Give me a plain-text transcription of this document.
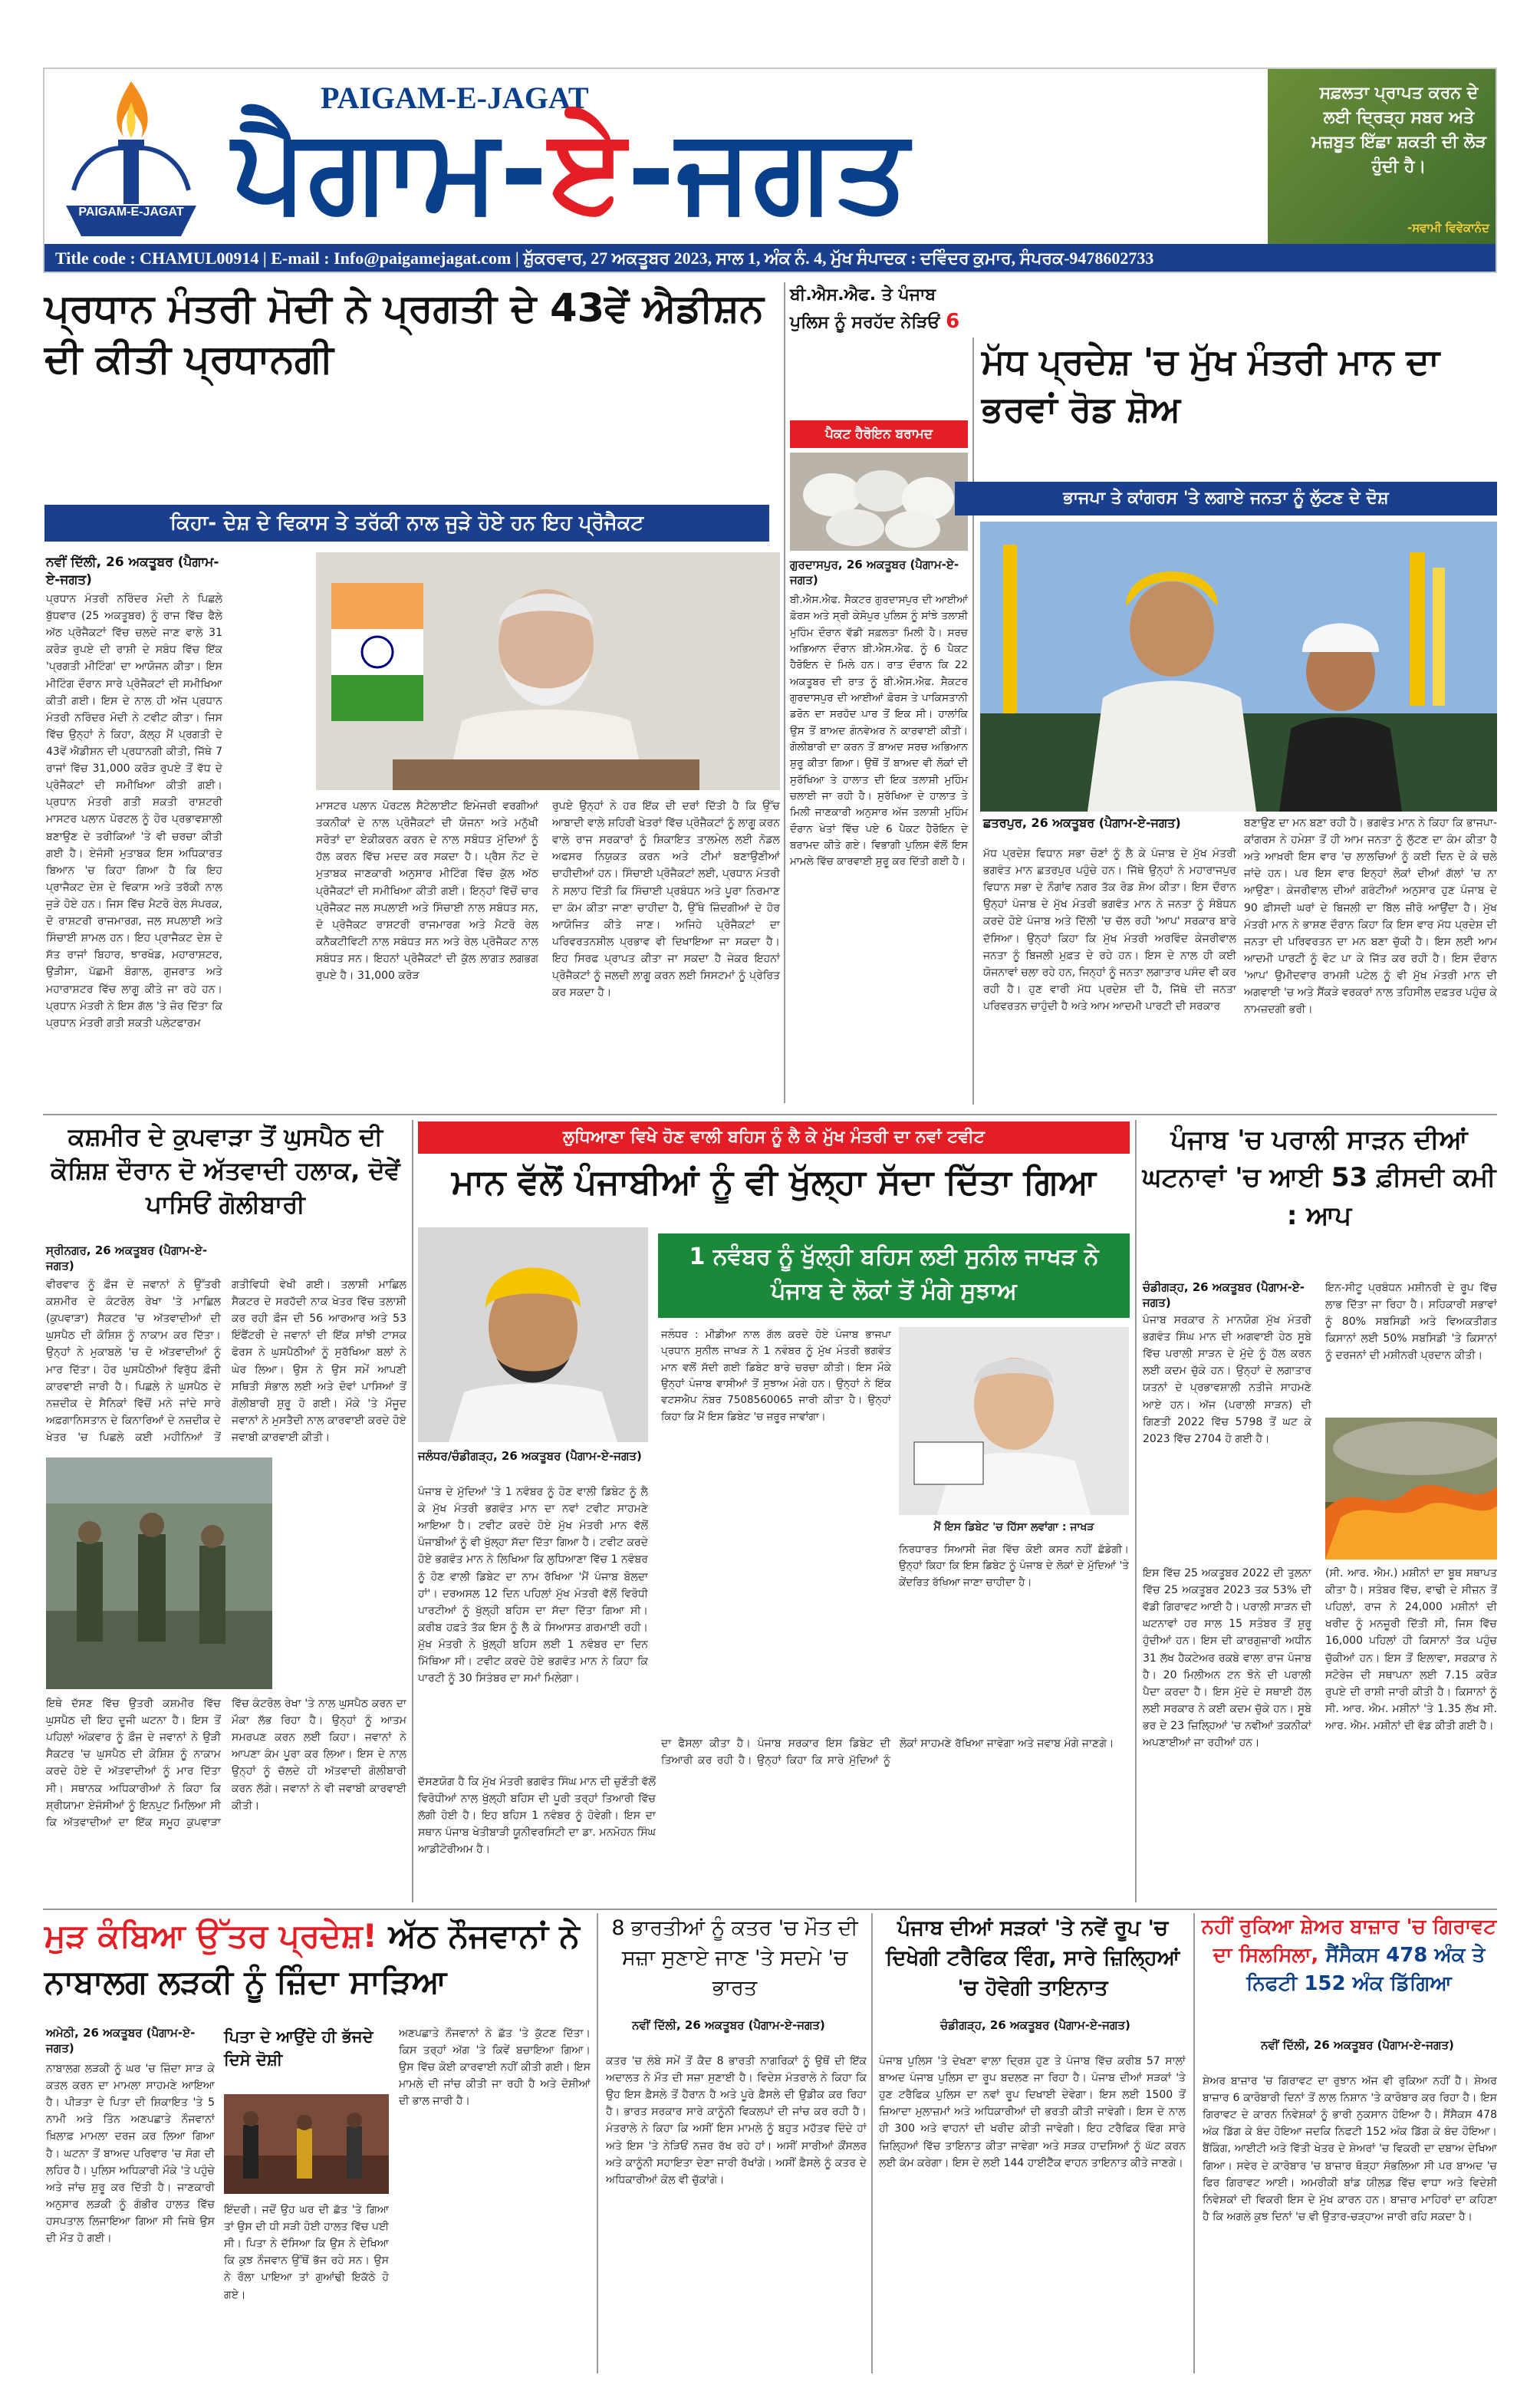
PAIGAM-E-JAGAT
PAIGAM-E-JAGAT
ਪੈਗਾਮ-ਏ-ਜਗਤ
ਸਫ਼ਲਤਾ ਪ੍ਰਾਪਤ ਕਰਨ ਦੇ ਲਈ ਦ੍ਰਿੜ੍ਹ ਸਬਰ ਅਤੇ ਮਜ਼ਬੂਤ ਇੱਛਾ ਸ਼ਕਤੀ ਦੀ ਲੋੜ ਹੁੰਦੀ ਹੈ।
-ਸਵਾਮੀ ਵਿਵੇਕਾਨੰਦ
Title code : CHAMUL00914 | E-mail : Info@paigamejagat.com | ਸ਼ੁੱਕਰਵਾਰ, 27 ਅਕਤੂਬਰ 2023, ਸਾਲ 1, ਅੰਕ ਨੰ. 4, ਮੁੱਖ ਸੰਪਾਦਕ : ਦਵਿੰਦਰ ਕੁਮਾਰ, ਸੰਪਰਕ-9478602733
ਪ੍ਰਧਾਨ ਮੰਤਰੀ ਮੋਦੀ ਨੇ ਪ੍ਰਗਤੀ ਦੇ 43ਵੇਂ ਐਡੀਸ਼ਨ ਦੀ ਕੀਤੀ ਪ੍ਰਧਾਨਗੀ
ਕਿਹਾ- ਦੇਸ਼ ਦੇ ਵਿਕਾਸ ਤੇ ਤਰੱਕੀ ਨਾਲ ਜੁੜੇ ਹੋਏ ਹਨ ਇਹ ਪ੍ਰੋਜੈਕਟ
ਨਵੀਂ ਦਿੱਲੀ, 26 ਅਕਤੂਬਰ (ਪੈਗਾਮ-ਏ-ਜਗਤ)
ਪ੍ਰਧਾਨ ਮੰਤਰੀ ਨਰਿੰਦਰ ਮੋਦੀ ਨੇ ਪਿਛਲੇ ਬੁੱਧਵਾਰ (25 ਅਕਤੂਬਰ) ਨੂੰ ਰਾਜ ਵਿੱਚ ਫੈਲੇ ਅੱਠ ਪ੍ਰੋਜੈਕਟਾਂ ਵਿੱਚ ਚਲਦੇ ਜਾਣ ਵਾਲੇ 31 ਕਰੋੜ ਰੁਪਏ ਦੀ ਰਾਸ਼ੀ ਦੇ ਸਬੰਧ ਵਿੱਚ ਇੱਕ 'ਪ੍ਰਗਤੀ ਮੀਟਿੰਗ' ਦਾ ਆਯੋਜਨ ਕੀਤਾ। ਇਸ ਮੀਟਿੰਗ ਦੌਰਾਨ ਸਾਰੇ ਪ੍ਰੋਜੈਕਟਾਂ ਦੀ ਸਮੀਖਿਆ ਕੀਤੀ ਗਈ। ਇਸ ਦੇ ਨਾਲ ਹੀ ਅੱਜ ਪ੍ਰਧਾਨ ਮੰਤਰੀ ਨਰਿੰਦਰ ਮੋਦੀ ਨੇ ਟਵੀਟ ਕੀਤਾ। ਜਿਸ ਵਿੱਚ ਉਨ੍ਹਾਂ ਨੇ ਕਿਹਾ, ਕੱਲ੍ਹ ਮੈਂ ਪ੍ਰਗਤੀ ਦੇ 43ਵੇਂ ਐਡੀਸ਼ਨ ਦੀ ਪ੍ਰਧਾਨਗੀ ਕੀਤੀ, ਜਿੱਥੇ 7 ਰਾਜਾਂ ਵਿੱਚ 31,000 ਕਰੋੜ ਰੁਪਏ ਤੋਂ ਵੱਧ ਦੇ ਪ੍ਰੋਜੈਕਟਾਂ ਦੀ ਸਮੀਖਿਆ ਕੀਤੀ ਗਈ। ਪ੍ਰਧਾਨ ਮੰਤਰੀ ਗਤੀ ਸ਼ਕਤੀ ਰਾਸ਼ਟਰੀ ਮਾਸਟਰ ਪਲਾਨ ਪੋਰਟਲ ਨੂੰ ਹੋਰ ਪ੍ਰਭਾਵਸ਼ਾਲੀ ਬਣਾਉਣ ਦੇ ਤਰੀਕਿਆਂ 'ਤੇ ਵੀ ਚਰਚਾ ਕੀਤੀ ਗਈ ਹੈ। ਏਜੰਸੀ ਮੁਤਾਬਕ ਇਸ ਅਧਿਕਾਰਤ ਬਿਆਨ 'ਚ ਕਿਹਾ ਗਿਆ ਹੈ ਕਿ ਇਹ ਪ੍ਰਾਜੈਕਟ ਦੇਸ਼ ਦੇ ਵਿਕਾਸ ਅਤੇ ਤਰੱਕੀ ਨਾਲ ਜੁੜੇ ਹੋਏ ਹਨ। ਜਿਸ ਵਿੱਚ ਮੈਟਰੋ ਰੇਲ ਸੰਪਰਕ, ਦੋ ਰਾਸ਼ਟਰੀ ਰਾਜਮਾਰਗ, ਜਲ ਸਪਲਾਈ ਅਤੇ ਸਿੰਚਾਈ ਸ਼ਾਮਲ ਹਨ। ਇਹ ਪ੍ਰਾਜੈਕਟ ਦੇਸ਼ ਦੇ ਸੱਤ ਰਾਜਾਂ ਬਿਹਾਰ, ਝਾਰਖੰਡ, ਮਹਾਰਾਸ਼ਟਰ, ਉੜੀਸਾ, ਪੱਛਮੀ ਬੰਗਾਲ, ਗੁਜਰਾਤ ਅਤੇ ਮਹਾਰਾਸ਼ਟਰ ਵਿੱਚ ਲਾਗੂ ਕੀਤੇ ਜਾ ਰਹੇ ਹਨ। ਪ੍ਰਧਾਨ ਮੰਤਰੀ ਨੇ ਇਸ ਗੱਲ 'ਤੇ ਜ਼ੋਰ ਦਿੱਤਾ ਕਿ ਪ੍ਰਧਾਨ ਮੰਤਰੀ ਗਤੀ ਸ਼ਕਤੀ ਪਲੇਟਫਾਰਮ
ਮਾਸਟਰ ਪਲਾਨ ਪੋਰਟਲ ਸੈਟੇਲਾਈਟ ਇਮੇਜਰੀ ਵਰਗੀਆਂ ਤਕਨੀਕਾਂ ਦੇ ਨਾਲ ਪ੍ਰੋਜੈਕਟਾਂ ਦੀ ਯੋਜਨਾ ਅਤੇ ਮਨੁੱਖੀ ਸਰੋਤਾਂ ਦਾ ਏਕੀਕਰਨ ਕਰਨ ਦੇ ਨਾਲ ਸਬੰਧਤ ਮੁੱਦਿਆਂ ਨੂੰ ਹੱਲ ਕਰਨ ਵਿੱਚ ਮਦਦ ਕਰ ਸਕਦਾ ਹੈ। ਪ੍ਰੈਸ ਨੋਟ ਦੇ ਮੁਤਾਬਕ ਜਾਣਕਾਰੀ ਅਨੁਸਾਰ ਮੀਟਿੰਗ ਵਿੱਚ ਕੁੱਲ ਅੱਠ ਪ੍ਰੋਜੈਕਟਾਂ ਦੀ ਸਮੀਖਿਆ ਕੀਤੀ ਗਈ। ਇਨ੍ਹਾਂ ਵਿੱਚੋਂ ਚਾਰ ਪ੍ਰੋਜੈਕਟ ਜਲ ਸਪਲਾਈ ਅਤੇ ਸਿੰਚਾਈ ਨਾਲ ਸਬੰਧਤ ਸਨ, ਦੋ ਪ੍ਰੋਜੈਕਟ ਰਾਸ਼ਟਰੀ ਰਾਜਮਾਰਗ ਅਤੇ ਮੈਟਰੋ ਰੇਲ ਕਨੈਕਟੀਵਿਟੀ ਨਾਲ ਸਬੰਧਤ ਸਨ ਅਤੇ ਰੇਲ ਪ੍ਰੋਜੈਕਟ ਨਾਲ ਸਬੰਧਤ ਸਨ। ਇਹਨਾਂ ਪ੍ਰੋਜੈਕਟਾਂ ਦੀ ਕੁੱਲ ਲਾਗਤ ਲਗਭਗ ਰੁਪਏ ਹੈ। 31,000 ਕਰੋੜ
ਰੁਪਏ ਉਨ੍ਹਾਂ ਨੇ ਹਰ ਇੱਕ ਦੀ ਦਰਾਂ ਦਿੱਤੀ ਹੈ ਕਿ ਉੱਚ ਆਬਾਦੀ ਵਾਲੇ ਸ਼ਹਿਰੀ ਖੇਤਰਾਂ ਵਿੱਚ ਪ੍ਰੋਜੈਕਟਾਂ ਨੂੰ ਲਾਗੂ ਕਰਨ ਵਾਲੇ ਰਾਜ ਸਰਕਾਰਾਂ ਨੂੰ ਸ਼ਿਕਾਇਤ ਤਾਲਮੇਲ ਲਈ ਨੋਡਲ ਅਫਸਰ ਨਿਯੁਕਤ ਕਰਨ ਅਤੇ ਟੀਮਾਂ ਬਣਾਉਣੀਆਂ ਚਾਹੀਦੀਆਂ ਹਨ। ਸਿੰਚਾਈ ਪ੍ਰੋਜੈਕਟਾਂ ਲਈ, ਪ੍ਰਧਾਨ ਮੰਤਰੀ ਨੇ ਸਲਾਹ ਦਿੱਤੀ ਕਿ ਸਿੰਚਾਈ ਪ੍ਰਬੰਧਨ ਅਤੇ ਪੂਰਾ ਨਿਰਮਾਣ ਦਾ ਕੰਮ ਕੀਤਾ ਜਾਣਾ ਚਾਹੀਦਾ ਹੈ, ਉੱਥੇ ਜ਼ਿੰਦਗੀਆਂ ਦੇ ਹੋਰ ਆਯੋਜਿਤ ਕੀਤੇ ਜਾਣ। ਅਜਿਹੇ ਪ੍ਰੋਜੈਕਟਾਂ ਦਾ ਪਰਿਵਰਤਨਸ਼ੀਲ ਪ੍ਰਭਾਵ ਵੀ ਦਿਖਾਇਆ ਜਾ ਸਕਦਾ ਹੈ। ਇਹ ਸਿਰਫ ਪ੍ਰਾਪਤ ਕੀਤਾ ਜਾ ਸਕਦਾ ਹੈ ਜੇਕਰ ਇਹਨਾਂ ਪ੍ਰੋਜੈਕਟਾਂ ਨੂੰ ਜਲਦੀ ਲਾਗੂ ਕਰਨ ਲਈ ਸਿਸਟਮਾਂ ਨੂੰ ਪ੍ਰੇਰਿਤ ਕਰ ਸਕਦਾ ਹੈ।
ਬੀ.ਐਸ.ਐਫ. ਤੇ ਪੰਜਾਬ ਪੁਲਿਸ ਨੂੰ ਸਰਹੱਦ ਨੇੜਿਓਂ 6
ਪੈਕਟ ਹੈਰੋਇਨ ਬਰਾਮਦ
ਗੁਰਦਾਸਪੁਰ, 26 ਅਕਤੂਬਰ (ਪੈਗਾਮ-ਏ-ਜਗਤ)
ਬੀ.ਐਸ.ਐਫ. ਸੈਕਟਰ ਗੁਰਦਾਸਪੁਰ ਦੀ ਆਈਆਂ ਫ਼ੋਰਸ ਅਤੇ ਸ੍ਰੀ ਕੇਸੋਪੁਰ ਪੁਲਿਸ ਨੂੰ ਸਾਂਝੇ ਤਲਾਸ਼ੀ ਮੁਹਿੰਮ ਦੌਰਾਨ ਵੱਡੀ ਸਫ਼ਲਤਾ ਮਿਲੀ ਹੈ। ਸਰਚ ਅਭਿਆਨ ਦੌਰਾਨ ਬੀ.ਐਸ.ਐਫ. ਨੂੰ 6 ਪੈਕਟ ਹੈਰੋਇਨ ਦੇ ਮਿਲੇ ਹਨ। ਰਾਤ ਦੌਰਾਨ ਕਿ 22 ਅਕਤੂਬਰ ਦੀ ਰਾਤ ਨੂੰ ਬੀ.ਐਸ.ਐਫ. ਸੈਕਟਰ ਗੁਰਦਾਸਪੁਰ ਦੀ ਆਈਆਂ ਫ਼ੋਰਸ ਤੇ ਪਾਕਿਸਤਾਨੀ ਡਰੋਨ ਦਾ ਸਰਹੱਦ ਪਾਰ ਤੋਂ ਇਕ ਸੀ। ਹਾਲਾਂਕਿ ਉਸ ਤੋਂ ਬਾਅਦ ਗੰਨਵੇਅਰ ਨੇ ਕਾਰਵਾਈ ਕੀਤੀ। ਗੋਲੀਬਾਰੀ ਦਾ ਕਰਨ ਤੋਂ ਬਾਅਦ ਸਰਚ ਅਭਿਆਨ ਸ਼ੁਰੂ ਕੀਤਾ ਗਿਆ। ਉਥੋਂ ਤੋਂ ਬਾਅਦ ਵੀ ਲੋਕਾਂ ਦੀ ਸੁਰੱਖਿਆ ਤੇ ਹਾਲਾਤ ਦੀ ਇਕ ਤਲਾਸ਼ੀ ਮੁਹਿੰਮ ਚਲਾਈ ਜਾ ਰਹੀ ਹੈ। ਸੁਰੱਖਿਆ ਦੇ ਹਾਲਾਤ ਤੇ ਮਿਲੀ ਜਾਣਕਾਰੀ ਅਨੁਸਾਰ ਅੱਜ ਤਲਾਸ਼ੀ ਮੁਹਿੰਮ ਦੌਰਾਨ ਖੇਤਾਂ ਵਿੱਚ ਪਏ 6 ਪੈਕਟ ਹੈਰੋਇਨ ਦੇ ਬਰਾਮਦ ਕੀਤੇ ਗਏ। ਵਿਭਾਗੀ ਪੁਲਿਸ ਵੱਲੋਂ ਇਸ ਮਾਮਲੇ ਵਿੱਚ ਕਾਰਵਾਈ ਸ਼ੁਰੂ ਕਰ ਦਿੱਤੀ ਗਈ ਹੈ।
ਮੱਧ ਪ੍ਰਦੇਸ਼ 'ਚ ਮੁੱਖ ਮੰਤਰੀ ਮਾਨ ਦਾ ਭਰਵਾਂ ਰੋਡ ਸ਼ੋਅ
ਭਾਜਪਾ ਤੇ ਕਾਂਗਰਸ 'ਤੇ ਲਗਾਏ ਜਨਤਾ ਨੂੰ ਲੁੱਟਣ ਦੇ ਦੋਸ਼
ਛਤਰਪੁਰ, 26 ਅਕਤੂਬਰ (ਪੈਗਾਮ-ਏ-ਜਗਤ)
ਮੱਧ ਪ੍ਰਦੇਸ਼ ਵਿਧਾਨ ਸਭਾ ਚੋਣਾਂ ਨੂੰ ਲੈ ਕੇ ਪੰਜਾਬ ਦੇ ਮੁੱਖ ਮੰਤਰੀ ਭਗਵੰਤ ਮਾਨ ਛਤਰਪੁਰ ਪਹੁੰਚੇ ਹਨ। ਜਿੱਥੇ ਉਨ੍ਹਾਂ ਨੇ ਮਹਾਰਾਜਪੁਰ ਵਿਧਾਨ ਸਭਾ ਦੇ ਨੌਗਾਂਵ ਨਗਰ ਤੱਕ ਰੋਡ ਸ਼ੋਅ ਕੀਤਾ। ਇਸ ਦੌਰਾਨ ਉਨ੍ਹਾਂ ਪੰਜਾਬ ਦੇ ਮੁੱਖ ਮੰਤਰੀ ਭਗਵੰਤ ਮਾਨ ਨੇ ਜਨਤਾ ਨੂੰ ਸੰਬੋਧਨ ਕਰਦੇ ਹੋਏ ਪੰਜਾਬ ਅਤੇ ਦਿੱਲੀ 'ਚ ਚੱਲ ਰਹੀ 'ਆਪ' ਸਰਕਾਰ ਬਾਰੇ ਦੱਸਿਆ। ਉਨ੍ਹਾਂ ਕਿਹਾ ਕਿ ਮੁੱਖ ਮੰਤਰੀ ਅਰਵਿੰਦ ਕੇਜਰੀਵਾਲ ਜਨਤਾ ਨੂੰ ਬਿਜਲੀ ਮੁਫ਼ਤ ਦੇ ਰਹੇ ਹਨ। ਇਸ ਦੇ ਨਾਲ ਹੀ ਕਈ ਯੋਜਨਾਵਾਂ ਚਲਾ ਰਹੇ ਹਨ, ਜਿਨ੍ਹਾਂ ਨੂੰ ਜਨਤਾ ਲਗਾਤਾਰ ਪਸੰਦ ਵੀ ਕਰ ਰਹੀ ਹੈ। ਹੁਣ ਵਾਰੀ ਮੱਧ ਪ੍ਰਦੇਸ਼ ਦੀ ਹੈ, ਜਿੱਥੇ ਦੀ ਜਨਤਾ ਪਰਿਵਰਤਨ ਚਾਹੁੰਦੀ ਹੈ ਅਤੇ ਆਮ ਆਦਮੀ ਪਾਰਟੀ ਦੀ ਸਰਕਾਰ
ਬਣਾਉਣ ਦਾ ਮਨ ਬਣਾ ਰਹੀ ਹੈ। ਭਗਵੰਤ ਮਾਨ ਨੇ ਕਿਹਾ ਕਿ ਭਾਜਪਾ-ਕਾਂਗਰਸ ਨੇ ਹਮੇਸ਼ਾ ਤੋਂ ਹੀ ਆਮ ਜਨਤਾ ਨੂੰ ਲੁੱਟਣ ਦਾ ਕੰਮ ਕੀਤਾ ਹੈ ਅਤੇ ਆਖ਼ਰੀ ਇਸ ਵਾਰ 'ਚ ਲਾਲਚਿਆਂ ਨੂੰ ਕਈ ਦਿਨ ਦੇ ਕੇ ਚਲੇ ਜਾਂਦੇ ਹਨ। ਪਰ ਇਸ ਵਾਰ ਇਨ੍ਹਾਂ ਲੋਕਾਂ ਦੀਆਂ ਗੱਲਾਂ 'ਚ ਨਾ ਆਉਣਾ। ਕੇਜਰੀਵਾਲ ਦੀਆਂ ਗਰੰਟੀਆਂ ਅਨੁਸਾਰ ਹੁਣ ਪੰਜਾਬ ਦੇ 90 ਫ਼ੀਸਦੀ ਘਰਾਂ ਦੇ ਬਿਜਲੀ ਦਾ ਬਿੱਲ ਜ਼ੀਰੋ ਆਉਂਦਾ ਹੈ। ਮੁੱਖ ਮੰਤਰੀ ਮਾਨ ਨੇ ਭਾਸ਼ਣ ਦੌਰਾਨ ਕਿਹਾ ਕਿ ਇਸ ਵਾਰ ਮੱਧ ਪ੍ਰਦੇਸ਼ ਦੀ ਜਨਤਾ ਦੀ ਪਰਿਵਰਤਨ ਦਾ ਮਨ ਬਣਾ ਚੁੱਕੀ ਹੈ। ਇਸ ਲਈ ਆਮ ਆਦਮੀ ਪਾਰਟੀ ਨੂੰ ਵੋਟ ਪਾ ਕੇ ਜਿੱਤ ਕਰ ਰਹੀ ਹੈ। ਇਸ ਦੌਰਾਨ 'ਆਪ' ਉਮੀਦਵਾਰ ਰਾਮਸ਼ੀ ਪਟੇਲ ਨੂੰ ਵੀ ਮੁੱਖ ਮੰਤਰੀ ਮਾਨ ਦੀ ਅਗਵਾਈ 'ਚ ਅਤੇ ਸੈਂਕੜੇ ਵਰਕਰਾਂ ਨਾਲ ਤਹਿਸੀਲ ਦਫ਼ਤਰ ਪਹੁੰਚ ਕੇ ਨਾਮਜ਼ਦਗੀ ਭਰੀ।
ਕਸ਼ਮੀਰ ਦੇ ਕੁਪਵਾੜਾ ਤੋਂ ਘੁਸਪੈਠ ਦੀ ਕੋਸ਼ਿਸ਼ ਦੌਰਾਨ ਦੋ ਅੱਤਵਾਦੀ ਹਲਾਕ, ਦੋਵੇਂ ਪਾਸਿਓਂ ਗੋਲੀਬਾਰੀ
ਸ੍ਰੀਨਗਰ, 26 ਅਕਤੂਬਰ (ਪੈਗਾਮ-ਏ-ਜਗਤ)
ਵੀਰਵਾਰ ਨੂੰ ਫ਼ੌਜ ਦੇ ਜਵਾਨਾਂ ਨੇ ਉੱਤਰੀ ਕਸ਼ਮੀਰ ਦੇ ਕੰਟਰੋਲ ਰੇਖਾ 'ਤੇ ਮਾਛਿਲ (ਕੁਪਵਾੜਾ) ਸੈਕਟਰ 'ਚ ਅੱਤਵਾਦੀਆਂ ਦੀ ਘੁਸਪੈਠ ਦੀ ਕੋਸ਼ਿਸ਼ ਨੂੰ ਨਾਕਾਮ ਕਰ ਦਿੱਤਾ। ਉਨ੍ਹਾਂ ਨੇ ਮੁਕਾਬਲੇ 'ਚ ਦੋ ਅੱਤਵਾਦੀਆਂ ਨੂੰ ਮਾਰ ਦਿੱਤਾ। ਹੋਰ ਘੁਸਪੈਠੀਆਂ ਵਿਰੁੱਧ ਫ਼ੌਜੀ ਕਾਰਵਾਈ ਜਾਰੀ ਹੈ। ਪਿਛਲੇ ਨੇ ਘੁਸਪੈਠ ਦੇ ਨਜ਼ਦੀਕ ਦੇ ਸੈਨਿਕਾਂ ਵਿੱਚੋਂ ਮਨੇ ਜਾਂਦੇ ਸਾਰੇ ਅਫ਼ਗਾਨਿਸਤਾਨ ਦੇ ਕਿਨਾਰਿਆਂ ਦੇ ਨਜ਼ਦੀਕ ਦੇ ਖੇਤਰ 'ਚ ਪਿਛਲੇ ਕਈ ਮਹੀਨਿਆਂ ਤੋਂ ਗਤੀਵਿਧੀ ਵੇਖੀ ਗਈ। ਤਲਾਸ਼ੀ ਮਾਛਿਲ ਸੈਕਟਰ ਦੇ ਸਰਹੱਦੀ ਨਾਕ ਖੇਤਰ ਵਿੱਚ ਤਲਾਸ਼ੀ ਕਰ ਰਹੀ ਫ਼ੌਜ ਦੀ 56 ਆਰਆਰ ਅਤੇ 53 ਇੰਫੈਂਟਰੀ ਦੇ ਜਵਾਨਾਂ ਦੀ ਇੱਕ ਸਾਂਝੀ ਟਾਸਕ ਫੋਰਸ ਨੇ ਘੁਸਪੈਠੀਆਂ ਨੂੰ ਸੁਰੱਖਿਆ ਬਲਾਂ ਨੇ ਘੇਰ ਲਿਆ। ਉਸ ਨੇ ਉਸ ਸਮੇਂ ਆਪਣੀ ਸਥਿਤੀ ਸੰਭਾਲ ਲਈ ਅਤੇ ਦੋਵਾਂ ਪਾਸਿਆਂ ਤੋਂ ਗੋਲੀਬਾਰੀ ਸ਼ੁਰੂ ਹੋ ਗਈ। ਮੌਕੇ 'ਤੇ ਮੌਜੂਦ ਜਵਾਨਾਂ ਨੇ ਮੁਸਤੈਦੀ ਨਾਲ ਕਾਰਵਾਈ ਕਰਦੇ ਹੋਏ ਜਵਾਬੀ ਕਾਰਵਾਈ ਕੀਤੀ।
ਇਥੇ ਦੱਸਣ ਵਿੱਚ ਉਤਰੀ ਕਸ਼ਮੀਰ ਵਿੱਚ ਘੁਸਪੈਠ ਦੀ ਇਹ ਦੂਜੀ ਘਟਨਾ ਹੈ। ਇਸ ਤੋਂ ਪਹਿਲਾਂ ਅੰਕਵਾਰ ਨੂੰ ਫ਼ੌਜ ਦੇ ਜਵਾਨਾਂ ਨੇ ਉੜੀ ਸੈਕਟਰ 'ਚ ਘੁਸਪੈਠ ਦੀ ਕੋਸ਼ਿਸ਼ ਨੂੰ ਨਾਕਾਮ ਕਰਦੇ ਹੋਏ ਦੋ ਅੱਤਵਾਦੀਆਂ ਨੂੰ ਮਾਰ ਦਿੱਤਾ ਸੀ। ਸਥਾਨਕ ਅਧਿਕਾਰੀਆਂ ਨੇ ਕਿਹਾ ਕਿ ਸ਼੍ਰੀਯਾਮਾ ਏਜੰਸੀਆਂ ਨੂੰ ਇਨਪੁਟ ਮਿਲਿਆ ਸੀ ਕਿ ਅੱਤਵਾਦੀਆਂ ਦਾ ਇੱਕ ਸਮੂਹ ਕੁਪਵਾੜਾ ਵਿੱਚ ਕੰਟਰੋਲ ਰੇਖਾ 'ਤੇ ਨਾਲ ਘੁਸਪੈਠ ਕਰਨ ਦਾ ਮੌਕਾ ਲੱਭ ਰਿਹਾ ਹੈ। ਉਨ੍ਹਾਂ ਨੂੰ ਆਤਮ ਸਮਰਪਣ ਕਰਨ ਲਈ ਕਿਹਾ। ਜਵਾਨਾਂ ਨੇ ਆਪਣਾ ਕੰਮ ਪੂਰਾ ਕਰ ਲਿਆ। ਇਸ ਦੇ ਨਾਲ ਉਨ੍ਹਾਂ ਨੂੰ ਚੱਲਦੇ ਹੀ ਅੱਤਵਾਦੀ ਗੋਲੀਬਾਰੀ ਕਰਨ ਲੱਗੇ। ਜਵਾਨਾਂ ਨੇ ਵੀ ਜਵਾਬੀ ਕਾਰਵਾਈ ਕੀਤੀ।
ਲੁਧਿਆਣਾ ਵਿਖੇ ਹੋਣ ਵਾਲੀ ਬਹਿਸ ਨੂੰ ਲੈ ਕੇ ਮੁੱਖ ਮੰਤਰੀ ਦਾ ਨਵਾਂ ਟਵੀਟ
ਮਾਨ ਵੱਲੋਂ ਪੰਜਾਬੀਆਂ ਨੂੰ ਵੀ ਖੁੱਲ੍ਹਾ ਸੱਦਾ ਦਿੱਤਾ ਗਿਆ
ਜਲੰਧਰ/ਚੰਡੀਗੜ੍ਹ, 26 ਅਕਤੂਬਰ (ਪੈਗਾਮ-ਏ-ਜਗਤ)
ਪੰਜਾਬ ਦੇ ਮੁੱਦਿਆਂ 'ਤੇ 1 ਨਵੰਬਰ ਨੂੰ ਹੋਣ ਵਾਲੀ ਡਿਬੇਟ ਨੂੰ ਲੈ ਕੇ ਮੁੱਖ ਮੰਤਰੀ ਭਗਵੰਤ ਮਾਨ ਦਾ ਨਵਾਂ ਟਵੀਟ ਸਾਹਮਣੇ ਆਇਆ ਹੈ। ਟਵੀਟ ਕਰਦੇ ਹੋਏ ਮੁੱਖ ਮੰਤਰੀ ਮਾਨ ਵੱਲੋਂ ਪੰਜਾਬੀਆਂ ਨੂੰ ਵੀ ਖੁੱਲ੍ਹਾ ਸੱਦਾ ਦਿੱਤਾ ਗਿਆ ਹੈ। ਟਵੀਟ ਕਰਦੇ ਹੋਏ ਭਗਵੰਤ ਮਾਨ ਨੇ ਲਿਖਿਆ ਕਿ ਲੁਧਿਆਣਾ ਵਿੱਚ 1 ਨਵੰਬਰ ਨੂੰ ਹੋਣ ਵਾਲੀ ਡਿਬੇਟ ਦਾ ਨਾਮ ਰੱਖਿਆ 'ਮੈਂ ਪੰਜਾਬ ਬੋਲਦਾ ਹਾਂ'। ਦਰਅਸਲ 12 ਦਿਨ ਪਹਿਲਾਂ ਮੁੱਖ ਮੰਤਰੀ ਵੱਲੋਂ ਵਿਰੋਧੀ ਪਾਰਟੀਆਂ ਨੂੰ ਖੁੱਲ੍ਹੀ ਬਹਿਸ ਦਾ ਸੱਦਾ ਦਿੱਤਾ ਗਿਆ ਸੀ। ਕਰੀਬ ਹਫ਼ਤੇ ਤੱਕ ਇਸ ਨੂੰ ਲੈ ਕੇ ਸਿਆਸਤ ਗਰਮਾਈ ਰਹੀ। ਮੁੱਖ ਮੰਤਰੀ ਨੇ ਖੁੱਲ੍ਹੀ ਬਹਿਸ ਲਈ 1 ਨਵੰਬਰ ਦਾ ਦਿਨ ਮਿੱਥਿਆ ਸੀ। ਟਵੀਟ ਕਰਦੇ ਹੋਏ ਭਗਵੰਤ ਮਾਨ ਨੇ ਕਿਹਾ ਕਿ ਪਾਰਟੀ ਨੂੰ 30 ਸਿਤੰਬਰ ਦਾ ਸਮਾਂ ਮਿਲੇਗਾ।
ਦੱਸਣਯੋਗ ਹੈ ਕਿ ਮੁੱਖ ਮੰਤਰੀ ਭਗਵੰਤ ਸਿੰਘ ਮਾਨ ਦੀ ਚੁਣੌਤੀ ਵੱਲੋਂ ਵਿਰੋਧੀਆਂ ਨਾਲ ਖੁੱਲ੍ਹੀ ਬਹਿਸ ਦੀ ਪੂਰੀ ਤਰ੍ਹਾਂ ਤਿਆਰੀ ਵਿੱਚ ਲੱਗੀ ਹੋਈ ਹੈ। ਇਹ ਬਹਿਸ 1 ਨਵੰਬਰ ਨੂੰ ਹੋਵੇਗੀ। ਇਸ ਦਾ ਸਥਾਨ ਪੰਜਾਬ ਖੇਤੀਬਾੜੀ ਯੂਨੀਵਰਸਿਟੀ ਦਾ ਡਾ. ਮਨਮੋਹਨ ਸਿੰਘ ਆਡੀਟੋਰੀਅਮ ਹੈ।
1 ਨਵੰਬਰ ਨੂੰ ਖੁੱਲ੍ਹੀ ਬਹਿਸ ਲਈ ਸੁਨੀਲ ਜਾਖੜ ਨੇ ਪੰਜਾਬ ਦੇ ਲੋਕਾਂ ਤੋਂ ਮੰਗੇ ਸੁਝਾਅ
ਜਲੰਧਰ : ਮੀਡੀਆ ਨਾਲ ਗੱਲ ਕਰਦੇ ਹੋਏ ਪੰਜਾਬ ਭਾਜਪਾ ਪ੍ਰਧਾਨ ਸੁਨੀਲ ਜਾਖੜ ਨੇ 1 ਨਵੰਬਰ ਨੂੰ ਮੁੱਖ ਮੰਤਰੀ ਭਗਵੰਤ ਮਾਨ ਵਲੋਂ ਸੱਦੀ ਗਈ ਡਿਬੇਟ ਬਾਰੇ ਚਰਚਾ ਕੀਤੀ। ਇਸ ਮੌਕੇ ਉਨ੍ਹਾਂ ਪੰਜਾਬ ਵਾਸੀਆਂ ਤੋਂ ਸੁਝਾਅ ਮੰਗੇ ਹਨ। ਉਨ੍ਹਾਂ ਨੇ ਇੱਕ ਵਟਸਐਪ ਨੰਬਰ 7508560065 ਜਾਰੀ ਕੀਤਾ ਹੈ। ਉਨ੍ਹਾਂ ਕਿਹਾ ਕਿ ਮੈਂ ਇਸ ਡਿਬੇਟ 'ਚ ਜ਼ਰੂਰ ਜਾਵਾਂਗਾ।
ਮੈਂ ਇਸ ਡਿਬੇਟ 'ਚ ਹਿੱਸਾ ਲਵਾਂਗਾ : ਜਾਖੜ
ਨਿਰਧਾਰਤ ਸਿਆਸੀ ਜੰਗ ਵਿੱਚ ਕੋਈ ਕਸਰ ਨਹੀਂ ਛੱਡੇਗੀ। ਉਨ੍ਹਾਂ ਕਿਹਾ ਕਿ ਇਸ ਡਿਬੇਟ ਨੂੰ ਪੰਜਾਬ ਦੇ ਲੋਕਾਂ ਦੇ ਮੁੱਦਿਆਂ 'ਤੇ ਕੇਂਦਰਿਤ ਰੱਖਿਆ ਜਾਣਾ ਚਾਹੀਦਾ ਹੈ।
ਦਾ ਫੈਸਲਾ ਕੀਤਾ ਹੈ। ਪੰਜਾਬ ਸਰਕਾਰ ਇਸ ਡਿਬੇਟ ਦੀ ਤਿਆਰੀ ਕਰ ਰਹੀ ਹੈ। ਉਨ੍ਹਾਂ ਕਿਹਾ ਕਿ ਸਾਰੇ ਮੁੱਦਿਆਂ ਨੂੰ ਲੋਕਾਂ ਸਾਹਮਣੇ ਰੱਖਿਆ ਜਾਵੇਗਾ ਅਤੇ ਜਵਾਬ ਮੰਗੇ ਜਾਣਗੇ।
ਪੰਜਾਬ 'ਚ ਪਰਾਲੀ ਸਾੜਨ ਦੀਆਂ ਘਟਨਾਵਾਂ 'ਚ ਆਈ 53 ਫ਼ੀਸਦੀ ਕਮੀ : ਆਪ
ਚੰਡੀਗੜ੍ਹ, 26 ਅਕਤੂਬਰ (ਪੈਗਾਮ-ਏ-ਜਗਤ)
ਪੰਜਾਬ ਸਰਕਾਰ ਨੇ ਮਾਨਯੋਗ ਮੁੱਖ ਮੰਤਰੀ ਭਗਵੰਤ ਸਿੰਘ ਮਾਨ ਦੀ ਅਗਵਾਈ ਹੇਠ ਸੂਬੇ ਵਿੱਚ ਪਰਾਲੀ ਸਾੜਨ ਦੇ ਮੁੱਦੇ ਨੂੰ ਹੱਲ ਕਰਨ ਲਈ ਕਦਮ ਚੁੱਕੇ ਹਨ। ਉਨ੍ਹਾਂ ਦੇ ਲਗਾਤਾਰ ਯਤਨਾਂ ਦੇ ਪ੍ਰਭਾਵਸ਼ਾਲੀ ਨਤੀਜੇ ਸਾਹਮਣੇ ਆਏ ਹਨ। ਅੱਜ (ਪਰਾਲੀ ਸਾੜਨ) ਦੀ ਗਿਣਤੀ 2022 ਵਿੱਚ 5798 ਤੋਂ ਘਟ ਕੇ 2023 ਵਿੱਚ 2704 ਹੋ ਗਈ ਹੈ।
ਇਨ-ਸੀਟੂ ਪ੍ਰਬੰਧਨ ਮਸ਼ੀਨਰੀ ਦੇ ਰੂਪ ਵਿੱਚ ਲਾਭ ਦਿੱਤਾ ਜਾ ਰਿਹਾ ਹੈ। ਸਹਿਕਾਰੀ ਸਭਾਵਾਂ ਨੂੰ 80% ਸਬਸਿਡੀ ਅਤੇ ਵਿਅਕਤੀਗਤ ਕਿਸਾਨਾਂ ਲਈ 50% ਸਬਸਿਡੀ 'ਤੇ ਕਿਸਾਨਾਂ ਨੂੰ ਦਰਜਨਾਂ ਦੀ ਮਸ਼ੀਨਰੀ ਪ੍ਰਦਾਨ ਕੀਤੀ।
ਇਸ ਵਿੱਚ 25 ਅਕਤੂਬਰ 2022 ਦੀ ਤੁਲਨਾ ਵਿੱਚ 25 ਅਕਤੂਬਰ 2023 ਤਕ 53% ਦੀ ਵੱਡੀ ਗਿਰਾਵਟ ਆਈ ਹੈ। ਪਰਾਲੀ ਸਾੜਨ ਦੀ ਘਟਨਾਵਾਂ ਹਰ ਸਾਲ 15 ਸਤੰਬਰ ਤੋਂ ਸ਼ੁਰੂ ਹੁੰਦੀਆਂ ਹਨ। ਇਸ ਦੀ ਕਾਰਗੁਜ਼ਾਰੀ ਅਧੀਨ 31 ਲੱਖ ਹੈਕਟੇਅਰ ਰਕਬੇ ਵਾਲਾ ਰਾਜ ਪੰਜਾਬ ਹੈ। 20 ਮਿਲੀਅਨ ਟਨ ਝੋਨੇ ਦੀ ਪਰਾਲੀ ਪੈਦਾ ਕਰਦਾ ਹੈ। ਇਸ ਮੁੱਦੇ ਦੇ ਸਥਾਈ ਹੱਲ ਲਈ ਸਰਕਾਰ ਨੇ ਕਈ ਕਦਮ ਚੁੱਕੇ ਹਨ। ਸੂਬੇ ਭਰ ਦੇ 23 ਜ਼ਿਲ੍ਹਿਆਂ 'ਚ ਨਵੀਆਂ ਤਕਨੀਕਾਂ ਅਪਣਾਈਆਂ ਜਾ ਰਹੀਆਂ ਹਨ।
(ਸੀ. ਆਰ. ਐਮ.) ਮਸ਼ੀਨਾਂ ਦਾ ਬੂਥ ਸਥਾਪਤ ਕੀਤਾ ਹੈ। ਸਤੰਬਰ ਵਿੱਚ, ਵਾਢੀ ਦੇ ਸੀਜ਼ਨ ਤੋਂ ਪਹਿਲਾਂ, ਰਾਜ ਨੇ 24,000 ਮਸ਼ੀਨਾਂ ਦੀ ਖਰੀਦ ਨੂੰ ਮਨਜ਼ੂਰੀ ਦਿੱਤੀ ਸੀ, ਜਿਸ ਵਿੱਚ 16,000 ਪਹਿਲਾਂ ਹੀ ਕਿਸਾਨਾਂ ਤੱਕ ਪਹੁੰਚ ਚੁੱਕੀਆਂ ਹਨ। ਇਸ ਤੋਂ ਇਲਾਵਾ, ਸਰਕਾਰ ਨੇ ਸਟੋਰੇਜ ਦੀ ਸਥਾਪਨਾ ਲਈ 7.15 ਕਰੋੜ ਰੁਪਏ ਦੀ ਰਾਸ਼ੀ ਜਾਰੀ ਕੀਤੀ ਹੈ। ਕਿਸਾਨਾਂ ਨੂੰ ਸੀ. ਆਰ. ਐਮ. ਮਸ਼ੀਨਾਂ 'ਤੇ 1.35 ਲੱਖ ਸੀ. ਆਰ. ਐਮ. ਮਸ਼ੀਨਾਂ ਦੀ ਵੰਡ ਕੀਤੀ ਗਈ ਹੈ।
ਮੁੜ ਕੰਬਿਆ ਉੱਤਰ ਪ੍ਰਦੇਸ਼! ਅੱਠ ਨੌਜਵਾਨਾਂ ਨੇ ਨਾਬਾਲਗ ਲੜਕੀ ਨੂੰ ਜ਼ਿੰਦਾ ਸਾੜਿਆ
ਅਮੇਠੀ, 26 ਅਕਤੂਬਰ (ਪੈਗਾਮ-ਏ-ਜਗਤ)
ਨਾਬਾਲਗ ਲੜਕੀ ਨੂੰ ਘਰ 'ਚ ਜ਼ਿੰਦਾ ਸਾੜ ਕੇ ਕਤਲ ਕਰਨ ਦਾ ਮਾਮਲਾ ਸਾਹਮਣੇ ਆਇਆ ਹੈ। ਪੀੜਤਾ ਦੇ ਪਿਤਾ ਦੀ ਸ਼ਿਕਾਇਤ 'ਤੇ 5 ਨਾਮੀ ਅਤੇ ਤਿੰਨ ਅਣਪਛਾਤੇ ਨੌਜਵਾਨਾਂ ਖ਼ਿਲਾਫ਼ ਮਾਮਲਾ ਦਰਜ ਕਰ ਲਿਆ ਗਿਆ ਹੈ। ਘਟਨਾ ਤੋਂ ਬਾਅਦ ਪਰਿਵਾਰ 'ਚ ਸੋਗ ਦੀ ਲਹਿਰ ਹੈ। ਪੁਲਿਸ ਅਧਿਕਾਰੀ ਮੌਕੇ 'ਤੇ ਪਹੁੰਚੇ ਅਤੇ ਜਾਂਚ ਸ਼ੁਰੂ ਕਰ ਦਿੱਤੀ ਹੈ। ਜਾਣਕਾਰੀ ਅਨੁਸਾਰ ਲੜਕੀ ਨੂੰ ਗੰਭੀਰ ਹਾਲਤ ਵਿੱਚ ਹਸਪਤਾਲ ਲਿਜਾਇਆ ਗਿਆ ਸੀ ਜਿਥੇ ਉਸ ਦੀ ਮੌਤ ਹੋ ਗਈ।
ਪਿਤਾ ਦੇ ਆਉਂਦੇ ਹੀ ਭੱਜਦੇ ਦਿਸੇ ਦੋਸ਼ੀ
ਇੰਦਰੀ। ਜਦੋਂ ਉਹ ਘਰ ਦੀ ਛੱਤ 'ਤੇ ਗਿਆ ਤਾਂ ਉਸ ਦੀ ਧੀ ਸੜੀ ਹੋਈ ਹਾਲਤ ਵਿੱਚ ਪਈ ਸੀ। ਪਿਤਾ ਨੇ ਦੱਸਿਆ ਕਿ ਉਸ ਨੇ ਦੇਖਿਆ ਕਿ ਕੁਝ ਨੌਜਵਾਨ ਉੱਥੋਂ ਭੱਜ ਰਹੇ ਸਨ। ਉਸ ਨੇ ਰੌਲਾ ਪਾਇਆ ਤਾਂ ਗੁਆਂਢੀ ਇਕੱਠੇ ਹੋ ਗਏ।
ਅਣਪਛਾਤੇ ਨੌਜਵਾਨਾਂ ਨੇ ਛੱਤ 'ਤੇ ਕੁੱਟਣ ਦਿੱਤਾ। ਕਿਸ ਤਰ੍ਹਾਂ ਅੱਗ 'ਤੇ ਕਿਵੇਂ ਬਚਾਇਆ ਗਿਆ। ਉਸ ਵਿੱਚ ਕੋਈ ਕਾਰਵਾਈ ਨਹੀਂ ਕੀਤੀ ਗਈ। ਇਸ ਮਾਮਲੇ ਦੀ ਜਾਂਚ ਕੀਤੀ ਜਾ ਰਹੀ ਹੈ ਅਤੇ ਦੋਸ਼ੀਆਂ ਦੀ ਭਾਲ ਜਾਰੀ ਹੈ।
8 ਭਾਰਤੀਆਂ ਨੂੰ ਕਤਰ 'ਚ ਮੌਤ ਦੀ ਸਜ਼ਾ ਸੁਣਾਏ ਜਾਣ 'ਤੇ ਸਦਮੇ 'ਚ ਭਾਰਤ
ਨਵੀਂ ਦਿੱਲੀ, 26 ਅਕਤੂਬਰ (ਪੈਗਾਮ-ਏ-ਜਗਤ)
ਕਤਰ 'ਚ ਲੰਬੇ ਸਮੇਂ ਤੋਂ ਕੈਦ 8 ਭਾਰਤੀ ਨਾਗਰਿਕਾਂ ਨੂੰ ਉਥੋਂ ਦੀ ਇੱਕ ਅਦਾਲਤ ਨੇ ਮੌਤ ਦੀ ਸਜ਼ਾ ਸੁਣਾਈ ਹੈ। ਵਿਦੇਸ਼ ਮੰਤਰਾਲੇ ਨੇ ਕਿਹਾ ਕਿ ਉਹ ਇਸ ਫ਼ੈਸਲੇ ਤੋਂ ਹੈਰਾਨ ਹੈ ਅਤੇ ਪੂਰੇ ਫ਼ੈਸਲੇ ਦੀ ਉਡੀਕ ਕਰ ਰਿਹਾ ਹੈ। ਭਾਰਤ ਸਰਕਾਰ ਸਾਰੇ ਕਾਨੂੰਨੀ ਵਿਕਲਪਾਂ ਦੀ ਜਾਂਚ ਕਰ ਰਹੀ ਹੈ। ਮੰਤਰਾਲੇ ਨੇ ਕਿਹਾ ਕਿ ਅਸੀਂ ਇਸ ਮਾਮਲੇ ਨੂੰ ਬਹੁਤ ਮਹੱਤਵ ਦਿੰਦੇ ਹਾਂ ਅਤੇ ਇਸ 'ਤੇ ਨੇੜਿਓਂ ਨਜ਼ਰ ਰੱਖ ਰਹੇ ਹਾਂ। ਅਸੀਂ ਸਾਰੀਆਂ ਕੌਂਸਲਰ ਅਤੇ ਕਾਨੂੰਨੀ ਸਹਾਇਤਾ ਦੇਣਾ ਜਾਰੀ ਰੱਖਾਂਗੇ। ਅਸੀਂ ਫ਼ੈਸਲੇ ਨੂੰ ਕਤਰ ਦੇ ਅਧਿਕਾਰੀਆਂ ਕੋਲ ਵੀ ਚੁੱਕਾਂਗੇ।
ਪੰਜਾਬ ਦੀਆਂ ਸੜਕਾਂ 'ਤੇ ਨਵੇਂ ਰੂਪ 'ਚ ਦਿਖੇਗੀ ਟਰੈਫਿਕ ਵਿੰਗ, ਸਾਰੇ ਜ਼ਿਲ੍ਹਿਆਂ 'ਚ ਹੋਵੇਗੀ ਤਾਇਨਾਤ
ਚੰਡੀਗੜ੍ਹ, 26 ਅਕਤੂਬਰ (ਪੈਗਾਮ-ਏ-ਜਗਤ)
ਪੰਜਾਬ ਪੁਲਿਸ 'ਤੇ ਦੇਖਣਾ ਵਾਲਾ ਦ੍ਰਿਸ਼ ਹੁਣ ਤੇ ਪੰਜਾਬ ਵਿੱਚ ਕਰੀਬ 57 ਸਾਲਾਂ ਬਾਅਦ ਪੰਜਾਬ ਪੁਲਿਸ ਦਾ ਰੂਪ ਬਦਲਣ ਜਾ ਰਿਹਾ ਹੈ। ਪੰਜਾਬ ਦੀਆਂ ਸੜਕਾਂ 'ਤੇ ਹੁਣ ਟਰੈਫਿਕ ਪੁਲਿਸ ਦਾ ਨਵਾਂ ਰੂਪ ਦਿਖਾਈ ਦੇਵੇਗਾ। ਇਸ ਲਈ 1500 ਤੋਂ ਜ਼ਿਆਦਾ ਮੁਲਾਜ਼ਮਾਂ ਅਤੇ ਅਧਿਕਾਰੀਆਂ ਦੀ ਭਰਤੀ ਕੀਤੀ ਜਾਵੇਗੀ। ਇਸ ਦੇ ਨਾਲ ਹੀ 300 ਅਤੇ ਵਾਹਨਾਂ ਦੀ ਖਰੀਦ ਕੀਤੀ ਜਾਵੇਗੀ। ਇਹ ਟਰੈਫਿਕ ਵਿੰਗ ਸਾਰੇ ਜ਼ਿਲ੍ਹਿਆਂ ਵਿੱਚ ਤਾਇਨਾਤ ਕੀਤਾ ਜਾਵੇਗਾ ਅਤੇ ਸੜਕ ਹਾਦਸਿਆਂ ਨੂੰ ਘੱਟ ਕਰਨ ਲਈ ਕੰਮ ਕਰੇਗਾ। ਇਸ ਦੇ ਲਈ 144 ਹਾਈਟੈੱਕ ਵਾਹਨ ਤਾਇਨਾਤ ਕੀਤੇ ਜਾਣਗੇ।
ਨਹੀਂ ਰੁਕਿਆ ਸ਼ੇਅਰ ਬਾਜ਼ਾਰ 'ਚ ਗਿਰਾਵਟ ਦਾ ਸਿਲਸਿਲਾ, ਸੈਂਸੈਕਸ 478 ਅੰਕ ਤੇ ਨਿਫਟੀ 152 ਅੰਕ ਡਿੱਗਿਆ
ਨਵੀਂ ਦਿੱਲੀ, 26 ਅਕਤੂਬਰ (ਪੈਗਾਮ-ਏ-ਜਗਤ)
ਸ਼ੇਅਰ ਬਾਜ਼ਾਰ 'ਚ ਗਿਰਾਵਟ ਦਾ ਰੁਝਾਨ ਅੱਜ ਵੀ ਰੁਕਿਆ ਨਹੀਂ ਹੈ। ਸ਼ੇਅਰ ਬਾਜ਼ਾਰ 6 ਕਾਰੋਬਾਰੀ ਦਿਨਾਂ ਤੋਂ ਲਾਲ ਨਿਸ਼ਾਨ 'ਤੇ ਕਾਰੋਬਾਰ ਕਰ ਰਿਹਾ ਹੈ। ਇਸ ਗਿਰਾਵਟ ਦੇ ਕਾਰਨ ਨਿਵੇਸ਼ਕਾਂ ਨੂੰ ਭਾਰੀ ਨੁਕਸਾਨ ਹੋਇਆ ਹੈ। ਸੈਂਸੈਕਸ 478 ਅੰਕ ਡਿੱਗ ਕੇ ਬੰਦ ਹੋਇਆ ਜਦਕਿ ਨਿਫਟੀ 152 ਅੰਕ ਡਿੱਗ ਕੇ ਬੰਦ ਹੋਇਆ। ਬੈਂਕਿੰਗ, ਆਈਟੀ ਅਤੇ ਵਿੱਤੀ ਖੇਤਰ ਦੇ ਸ਼ੇਅਰਾਂ 'ਚ ਵਿਕਰੀ ਦਾ ਦਬਾਅ ਦੇਖਿਆ ਗਿਆ। ਸਵੇਰ ਦੇ ਕਾਰੋਬਾਰ 'ਚ ਬਾਜ਼ਾਰ ਥੋੜ੍ਹਾ ਸੰਭਲਿਆ ਸੀ ਪਰ ਬਾਅਦ 'ਚ ਫਿਰ ਗਿਰਾਵਟ ਆਈ। ਅਮਰੀਕੀ ਬਾਂਡ ਯੀਲਡ ਵਿੱਚ ਵਾਧਾ ਅਤੇ ਵਿਦੇਸ਼ੀ ਨਿਵੇਸ਼ਕਾਂ ਦੀ ਵਿਕਰੀ ਇਸ ਦੇ ਮੁੱਖ ਕਾਰਨ ਹਨ। ਬਾਜ਼ਾਰ ਮਾਹਿਰਾਂ ਦਾ ਕਹਿਣਾ ਹੈ ਕਿ ਅਗਲੇ ਕੁਝ ਦਿਨਾਂ 'ਚ ਵੀ ਉਤਾਰ-ਚੜ੍ਹਾਅ ਜਾਰੀ ਰਹਿ ਸਕਦਾ ਹੈ।
